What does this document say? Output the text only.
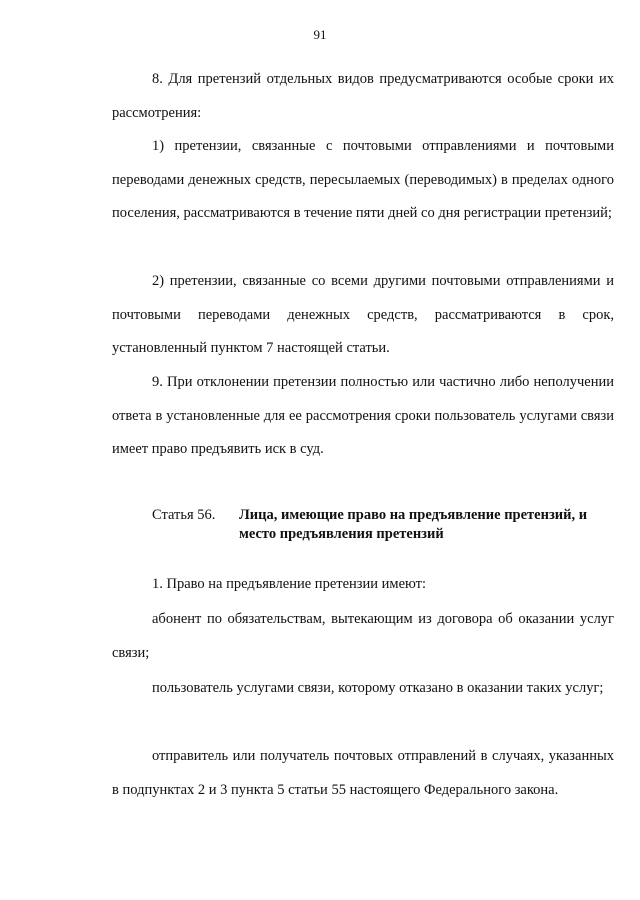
91

8. Для претензий отдельных видов предусматриваются особые сроки их рассмотрения:

1) претензии, связанные с почтовыми отправлениями и почтовыми переводами денежных средств, пересылаемых (переводимых) в пределах одного поселения, рассматриваются в течение пяти дней со дня регистрации претензий;

2) претензии, связанные со всеми другими почтовыми отправлениями и почтовыми переводами денежных средств, рассматриваются в срок, установленный пунктом 7 настоящей статьи.

9. При отклонении претензии полностью или частично либо неполучении ответа в установленные для ее рассмотрения сроки пользователь услугами связи имеет право предъявить иск в суд.

Статья 56.	Лица, имеющие право на предъявление претензий, и место предъявления претензий

1. Право на предъявление претензии имеют:

абонент по обязательствам, вытекающим из договора об оказании услуг связи;

пользователь услугами связи, которому отказано в оказании таких услуг;

отправитель или получатель почтовых отправлений в случаях, указанных в подпунктах 2 и 3 пункта 5 статьи 55 настоящего Федерального закона.
